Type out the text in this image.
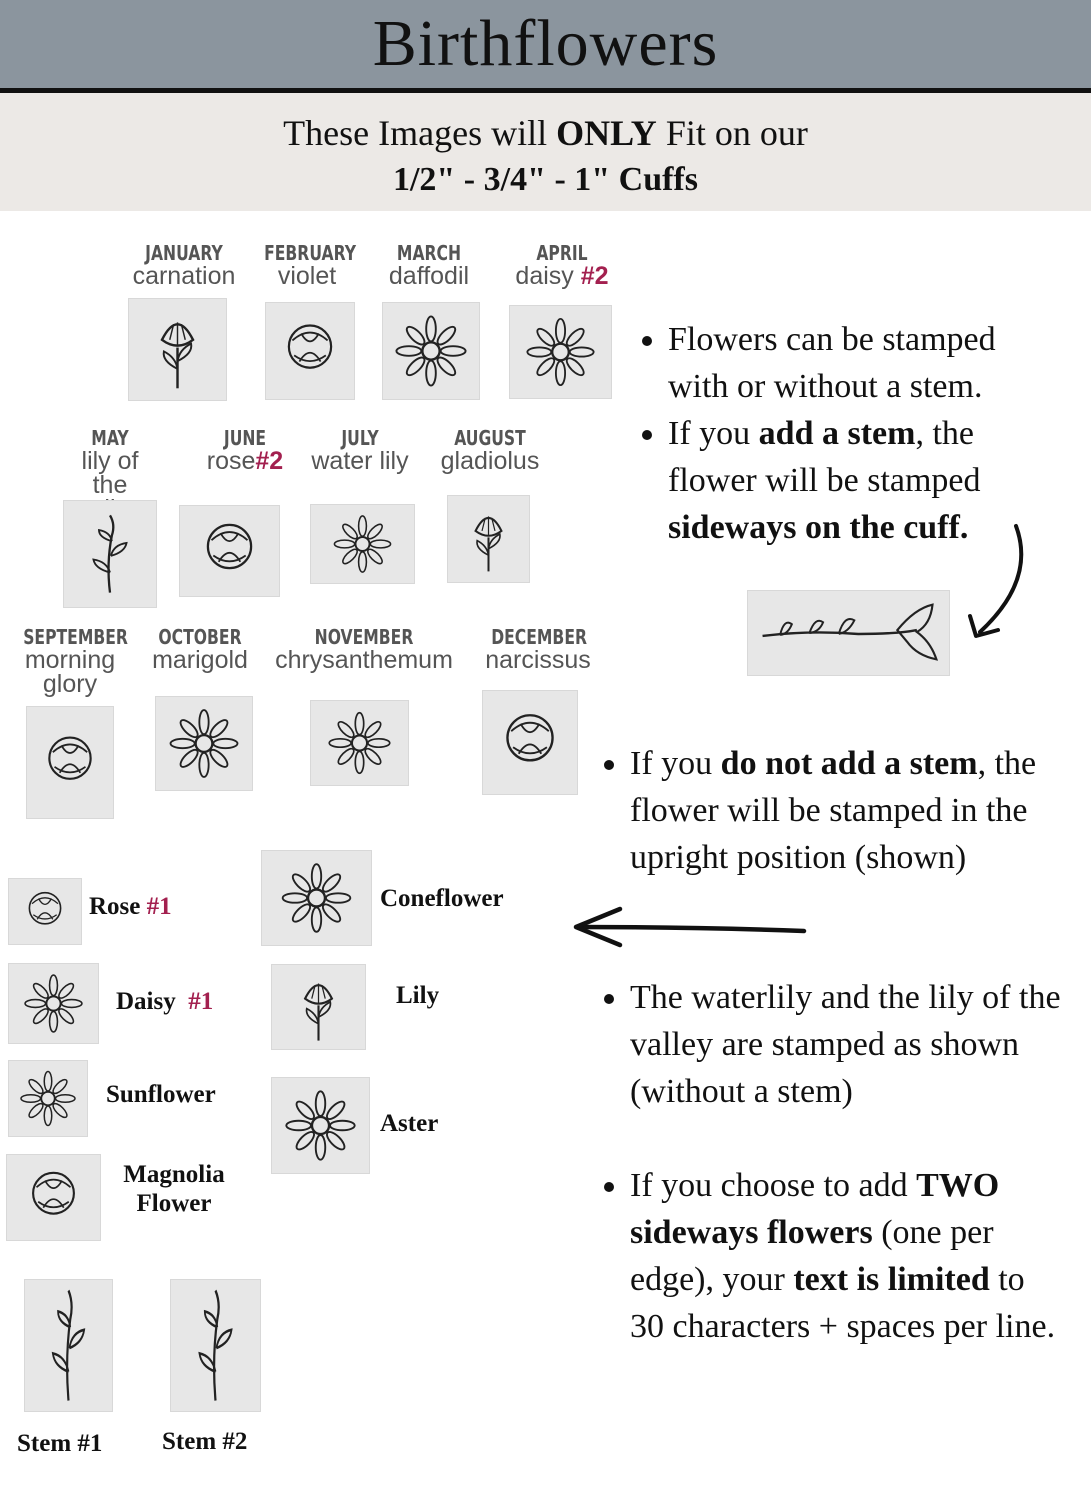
Birthflowers
These Images will ONLY Fit on our
1/2" - 3/4" - 1" Cuffs
JANUARY
carnation
FEBRUARY
violet
MARCH
daffodil
APRIL
daisy #2
MAY
lily of the
JUNE
rose#2
JULY
water lily
AUGUST
gladiolus
SEPTEMBER
morning glory
OCTOBER
marigold
NOVEMBER
chrysanthemum
DECEMBER
narcissus
Rose #1
Daisy #1
Sunflower
Magnolia Flower
Coneflower
Lily
Aster
Stem #1 Stem #2
• Flowers can be stamped with or without a stem.
• If you add a stem, the flower will be stamped sideways on the cuff.
• If you do not add a stem, the flower will be stamped in the upright position (shown)
• The waterlily and the lily of the valley are stamped as shown (without a stem)
• If you choose to add TWO sideways flowers (one per edge), your text is limited to 30 characters + spaces per line.
